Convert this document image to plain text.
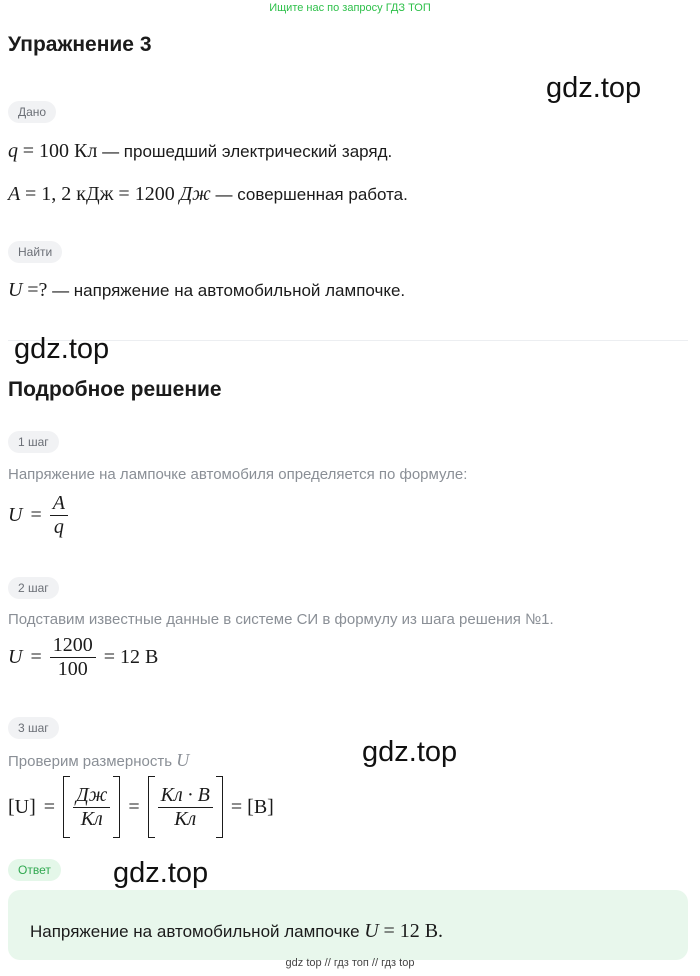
Ищите нас по запросу ГДЗ ТОП
Упражнение 3
gdz.top
Дано
q = 100 Кл — прошедший электрический заряд.
A = 1, 2 кДж = 1200 Дж — совершенная работа.
Найти
U =? — напряжение на автомобильной лампочке.
gdz.top
Подробное решение
1 шаг
Напряжение на лампочке автомобиля определяется по формуле:
$U = \frac{A}{q}$
2 шаг
Подставим известные данные в системе СИ в формулу из шага решения №1.
$U = \frac{1200}{100} = 12$ В
3 шаг
Проверим размерность U	gdz.top
$[U] = \frac{Дж}{Кл} = \frac{Кл \cdot В}{Кл} = [В]$
Ответ	gdz.top
Напряжение на автомобильной лампочке U = 12 В.
gdz top // гдз топ // гдз top
